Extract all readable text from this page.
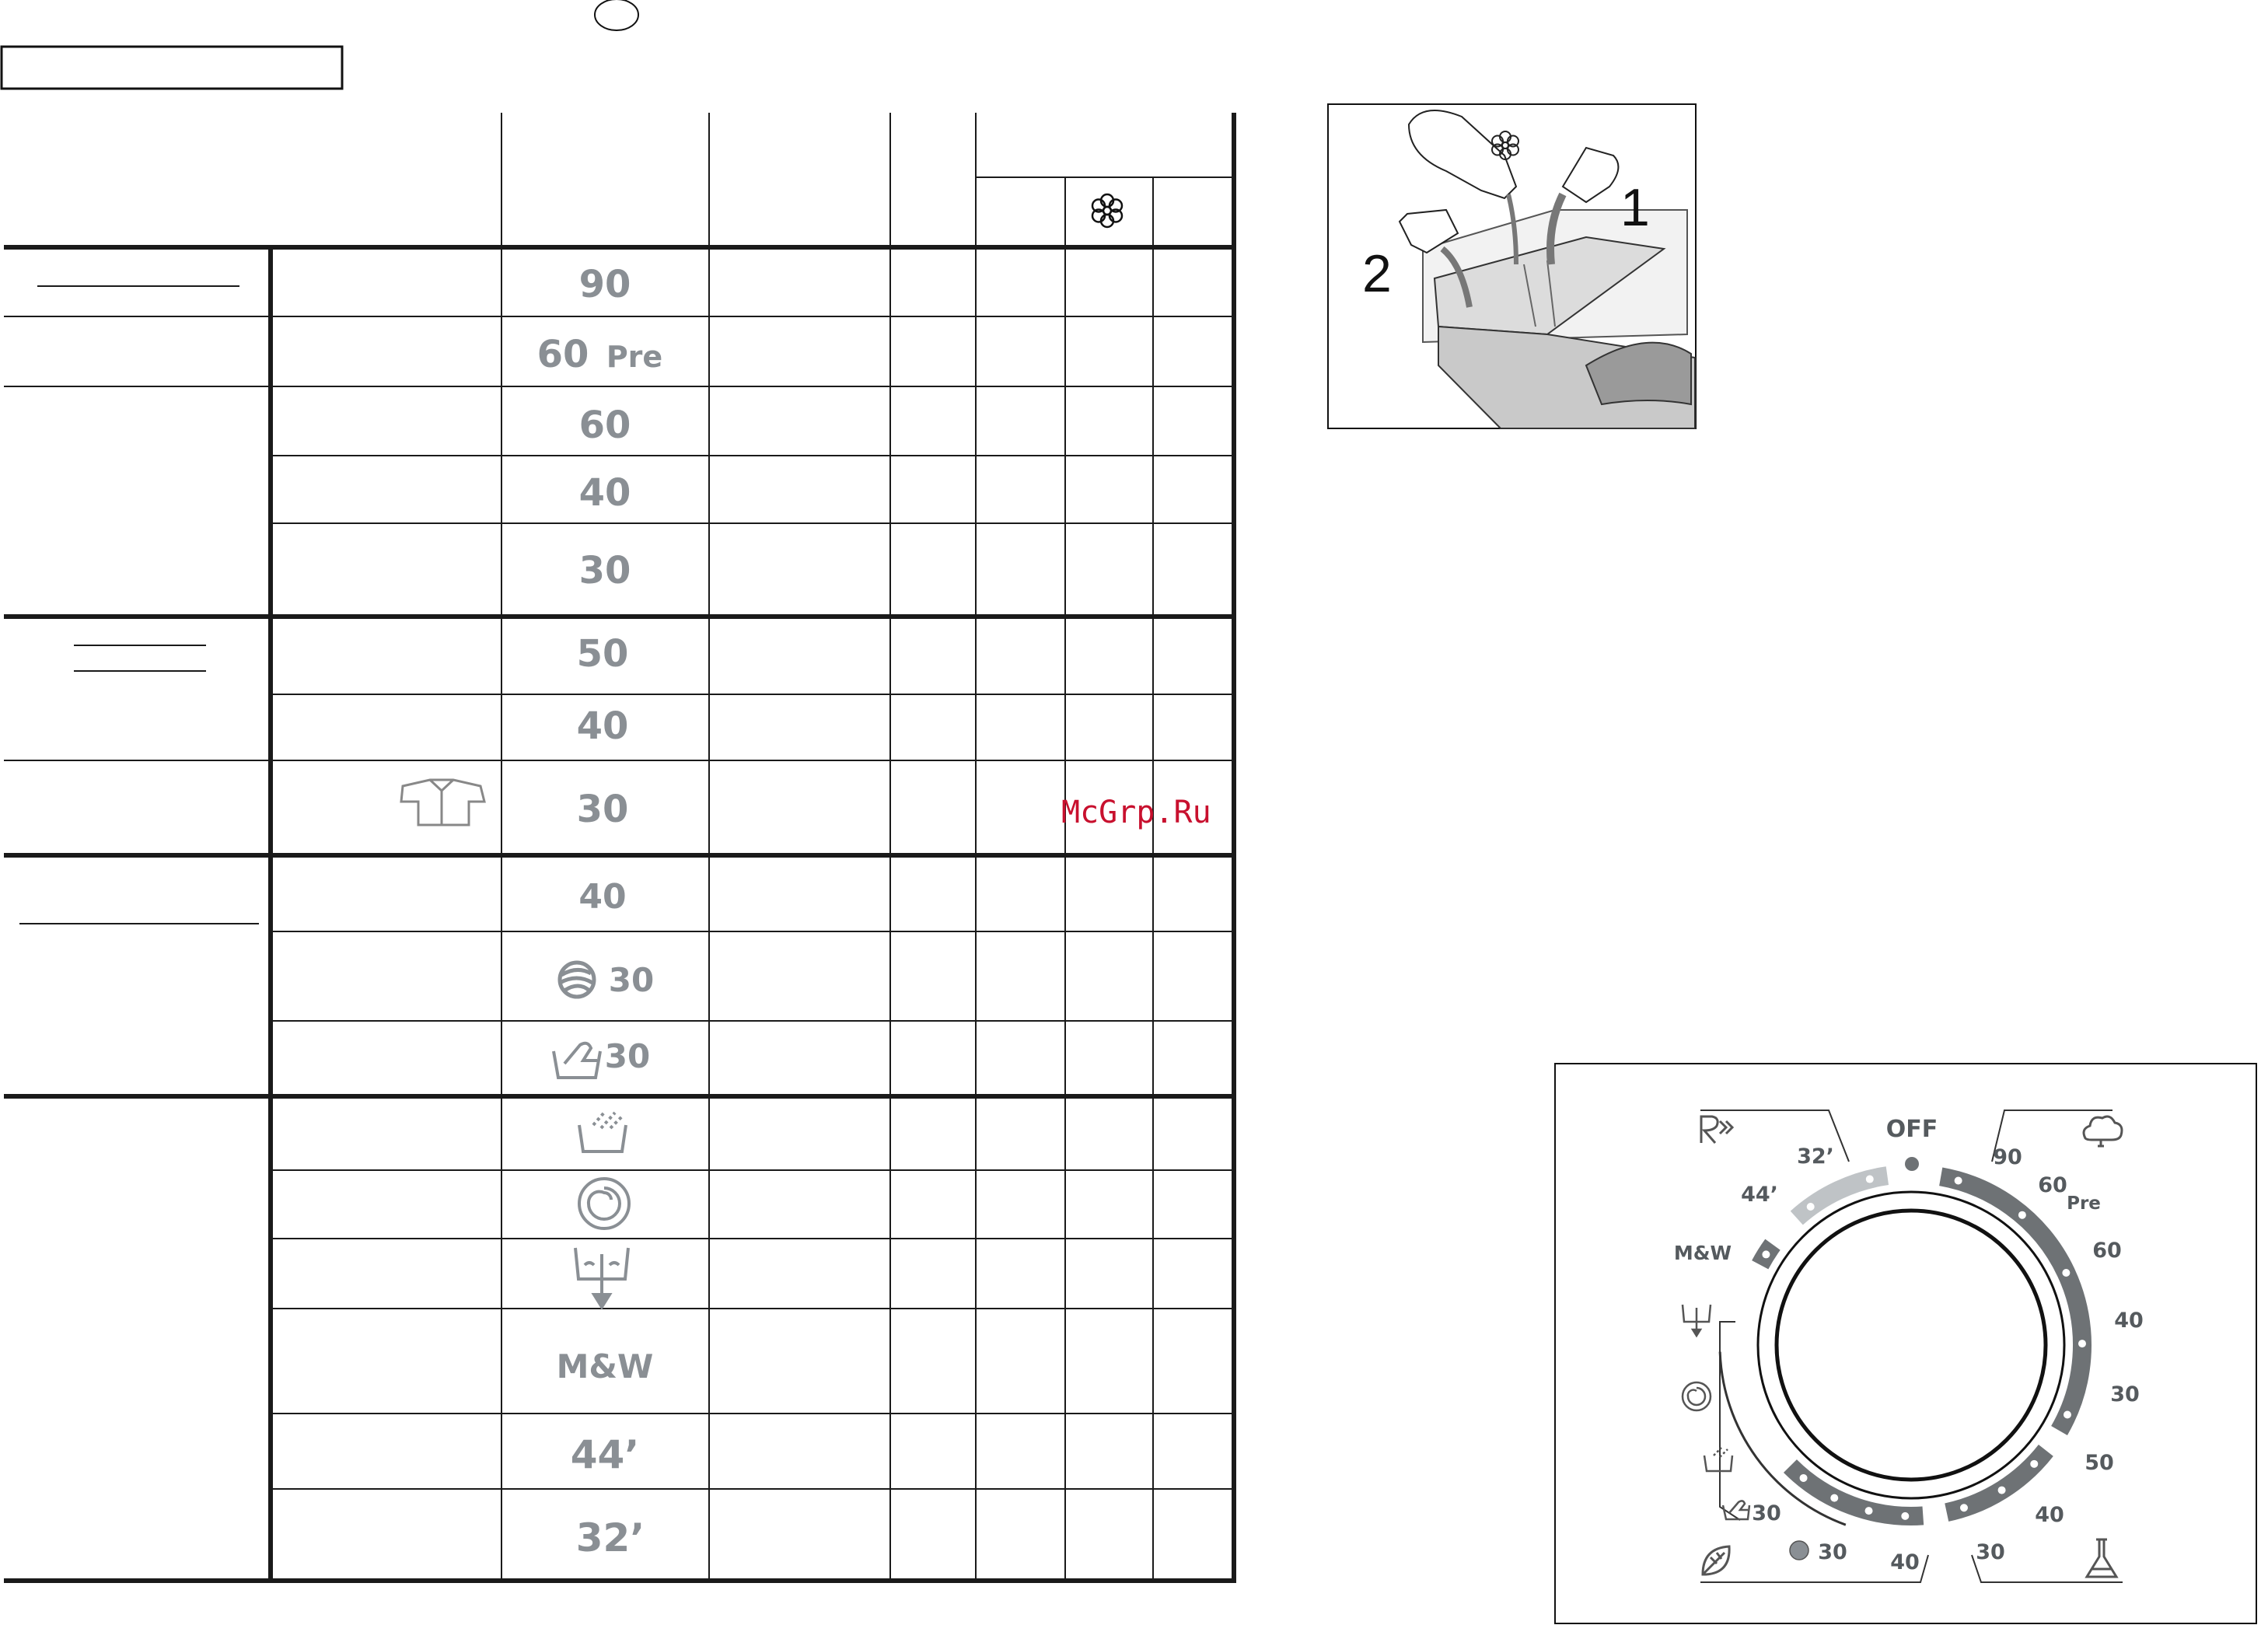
90
60 Pre
60
40
30
50
40
30
40
30
30
M&W
44’
32’
1
2
McGrp.Ru
OFF
90
60
Pre
60
40
30
50
40
30
40
30
30
M&W
44’
32’
